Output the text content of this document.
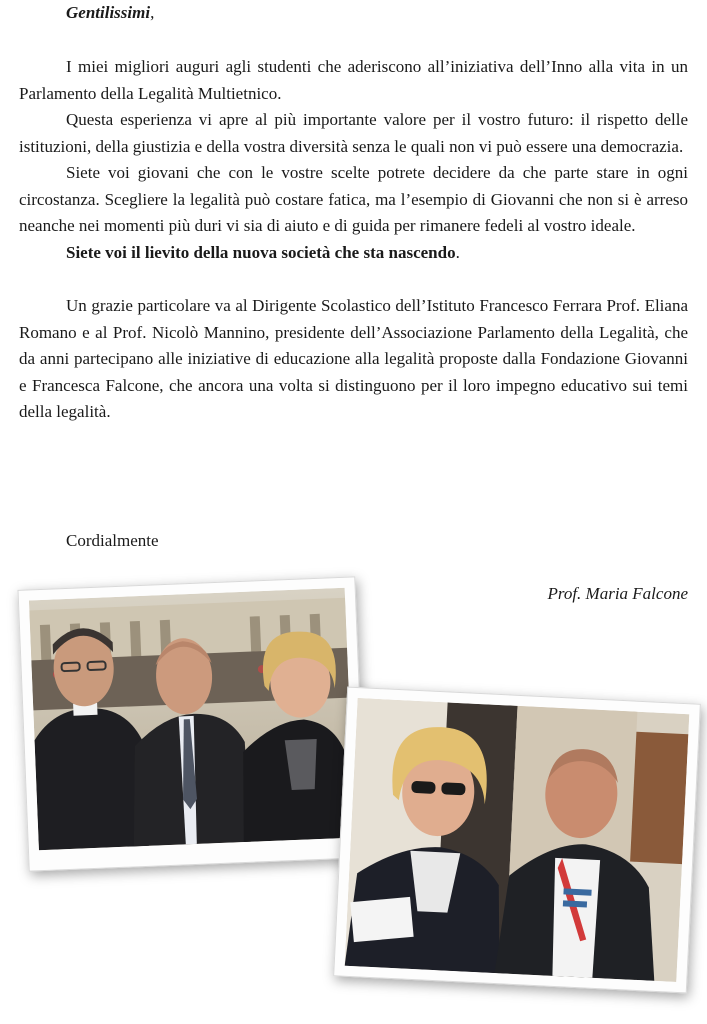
Gentilissimi,

I miei migliori auguri agli studenti che aderiscono all’iniziativa dell’Inno alla vita in un Parlamento della Legalità Multietnico.

Questa esperienza vi apre al più importante valore per il vostro futuro: il rispetto delle istituzioni, della giustizia e della vostra diversità senza le quali non vi può essere una democrazia.

Siete voi giovani che con le vostre scelte potrete decidere da che parte stare in ogni circostanza. Scegliere la legalità può costare fatica, ma l’esempio di Giovanni che non si è arreso neanche nei momenti più duri vi sia di aiuto e di guida per rimanere fedeli al vostro ideale.

Siete voi il lievito della nuova società che sta nascendo.

Un grazie particolare va al Dirigente Scolastico dell’Istituto Francesco Ferrara Prof. Eliana Romano e al Prof. Nicolò Mannino, presidente dell’Associazione Parlamento della Legalità, che da anni partecipano alle iniziative di educazione alla legalità proposte dalla Fondazione Giovanni e Francesca Falcone, che ancora una volta si distinguono per il loro impegno educativo sui temi della legalità.

Cordialmente
Prof. Maria Falcone
